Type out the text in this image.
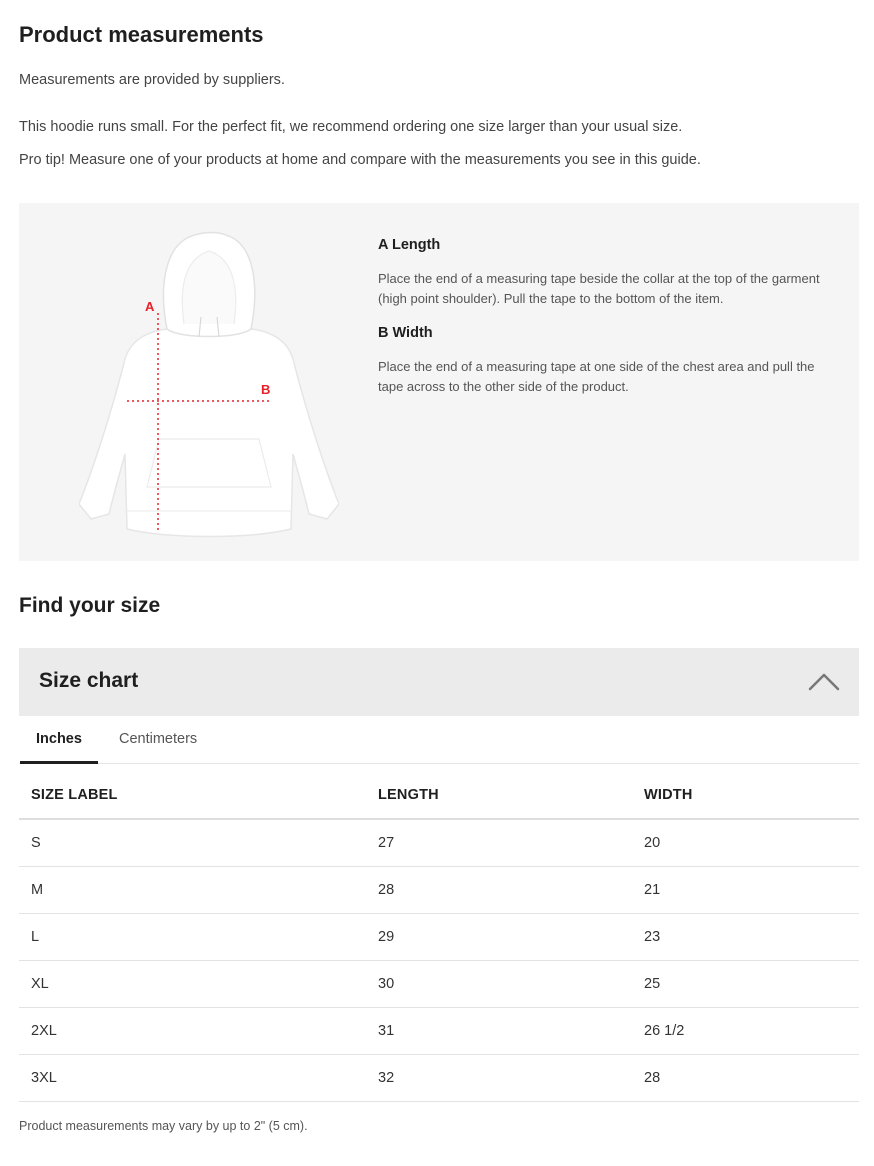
Product measurements
Measurements are provided by suppliers.
This hoodie runs small. For the perfect fit, we recommend ordering one size larger than your usual size.
Pro tip! Measure one of your products at home and compare with the measurements you see in this guide.
A
B
A Length
Place the end of a measuring tape beside the collar at the top of the garment (high point shoulder). Pull the tape to the bottom of the item.
B Width
Place the end of a measuring tape at one side of the chest area and pull the tape across to the other side of the product.
Find your size
Size chart
Inches	Centimeters
SIZE LABEL	LENGTH	WIDTH
S	27	20
M	28	21
L	29	23
XL	30	25
2XL	31	26 1/2
3XL	32	28
Product measurements may vary by up to 2" (5 cm).
